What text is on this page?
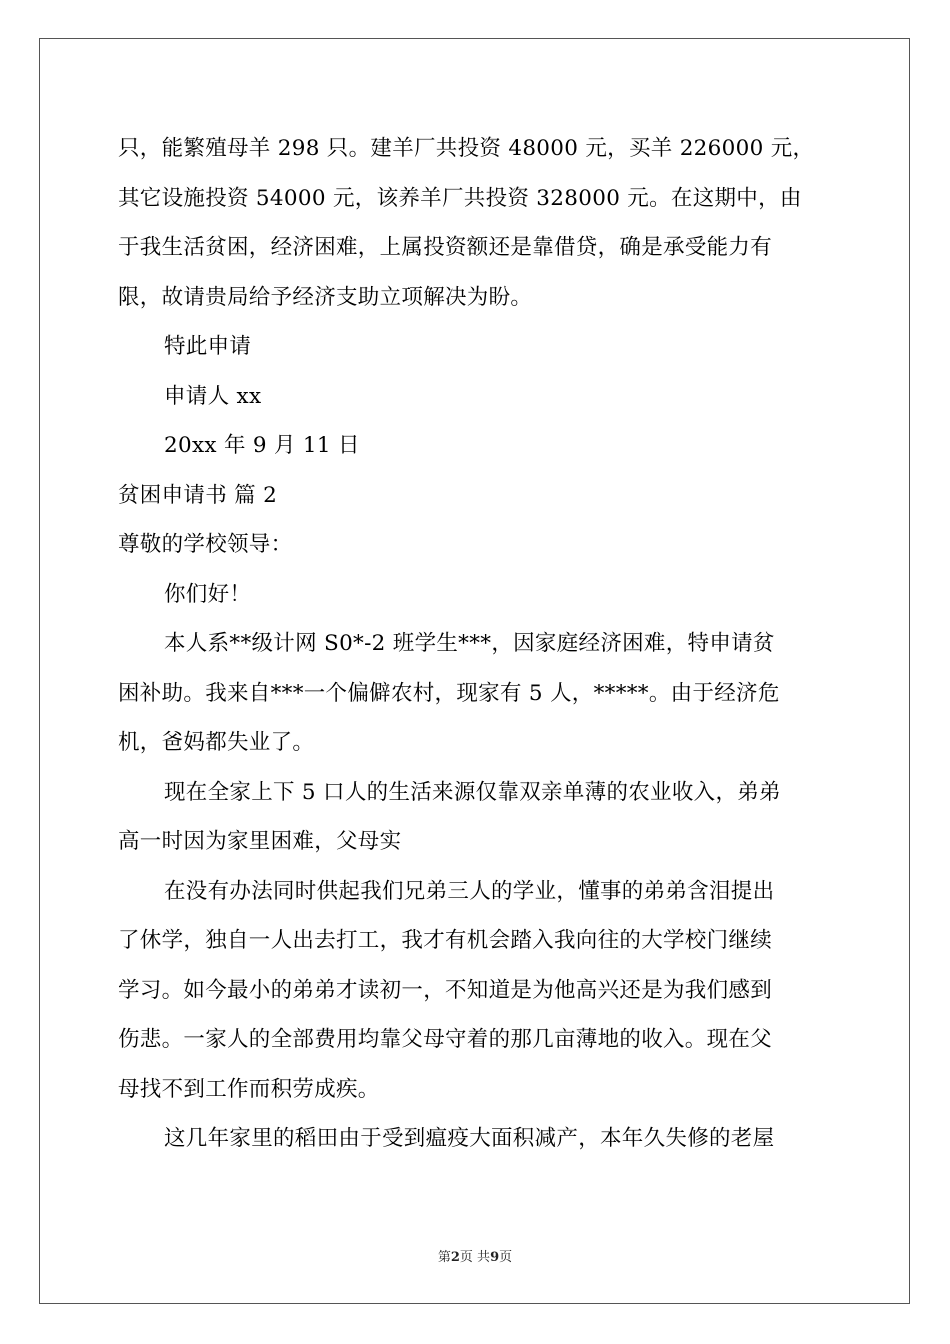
只，能繁殖母羊 298 只。建羊厂共投资 48000 元，买羊 226000 元，
其它设施投资 54000 元，该养羊厂共投资 328000 元。在这期中，由
于我生活贫困，经济困难，上属投资额还是靠借贷，确是承受能力有
限，故请贵局给予经济支助立项解决为盼。
特此申请
申请人 xx
20xx 年 9 月 11 日
贫困申请书 篇 2
尊敬的学校领导：
你们好！
本人系**级计网 S0*-2 班学生***，因家庭经济困难，特申请贫
困补助。我来自***一个偏僻农村，现家有 5 人，*****。由于经济危
机，爸妈都失业了。
现在全家上下 5 口人的生活来源仅靠双亲单薄的农业收入，弟弟
高一时因为家里困难，父母实
在没有办法同时供起我们兄弟三人的学业，懂事的弟弟含泪提出
了休学，独自一人出去打工，我才有机会踏入我向往的大学校门继续
学习。如今最小的弟弟才读初一，不知道是为他高兴还是为我们感到
伤悲。一家人的全部费用均靠父母守着的那几亩薄地的收入。现在父
母找不到工作而积劳成疾。
这几年家里的稻田由于受到瘟疫大面积减产，本年久失修的老屋
第2页 共9页
